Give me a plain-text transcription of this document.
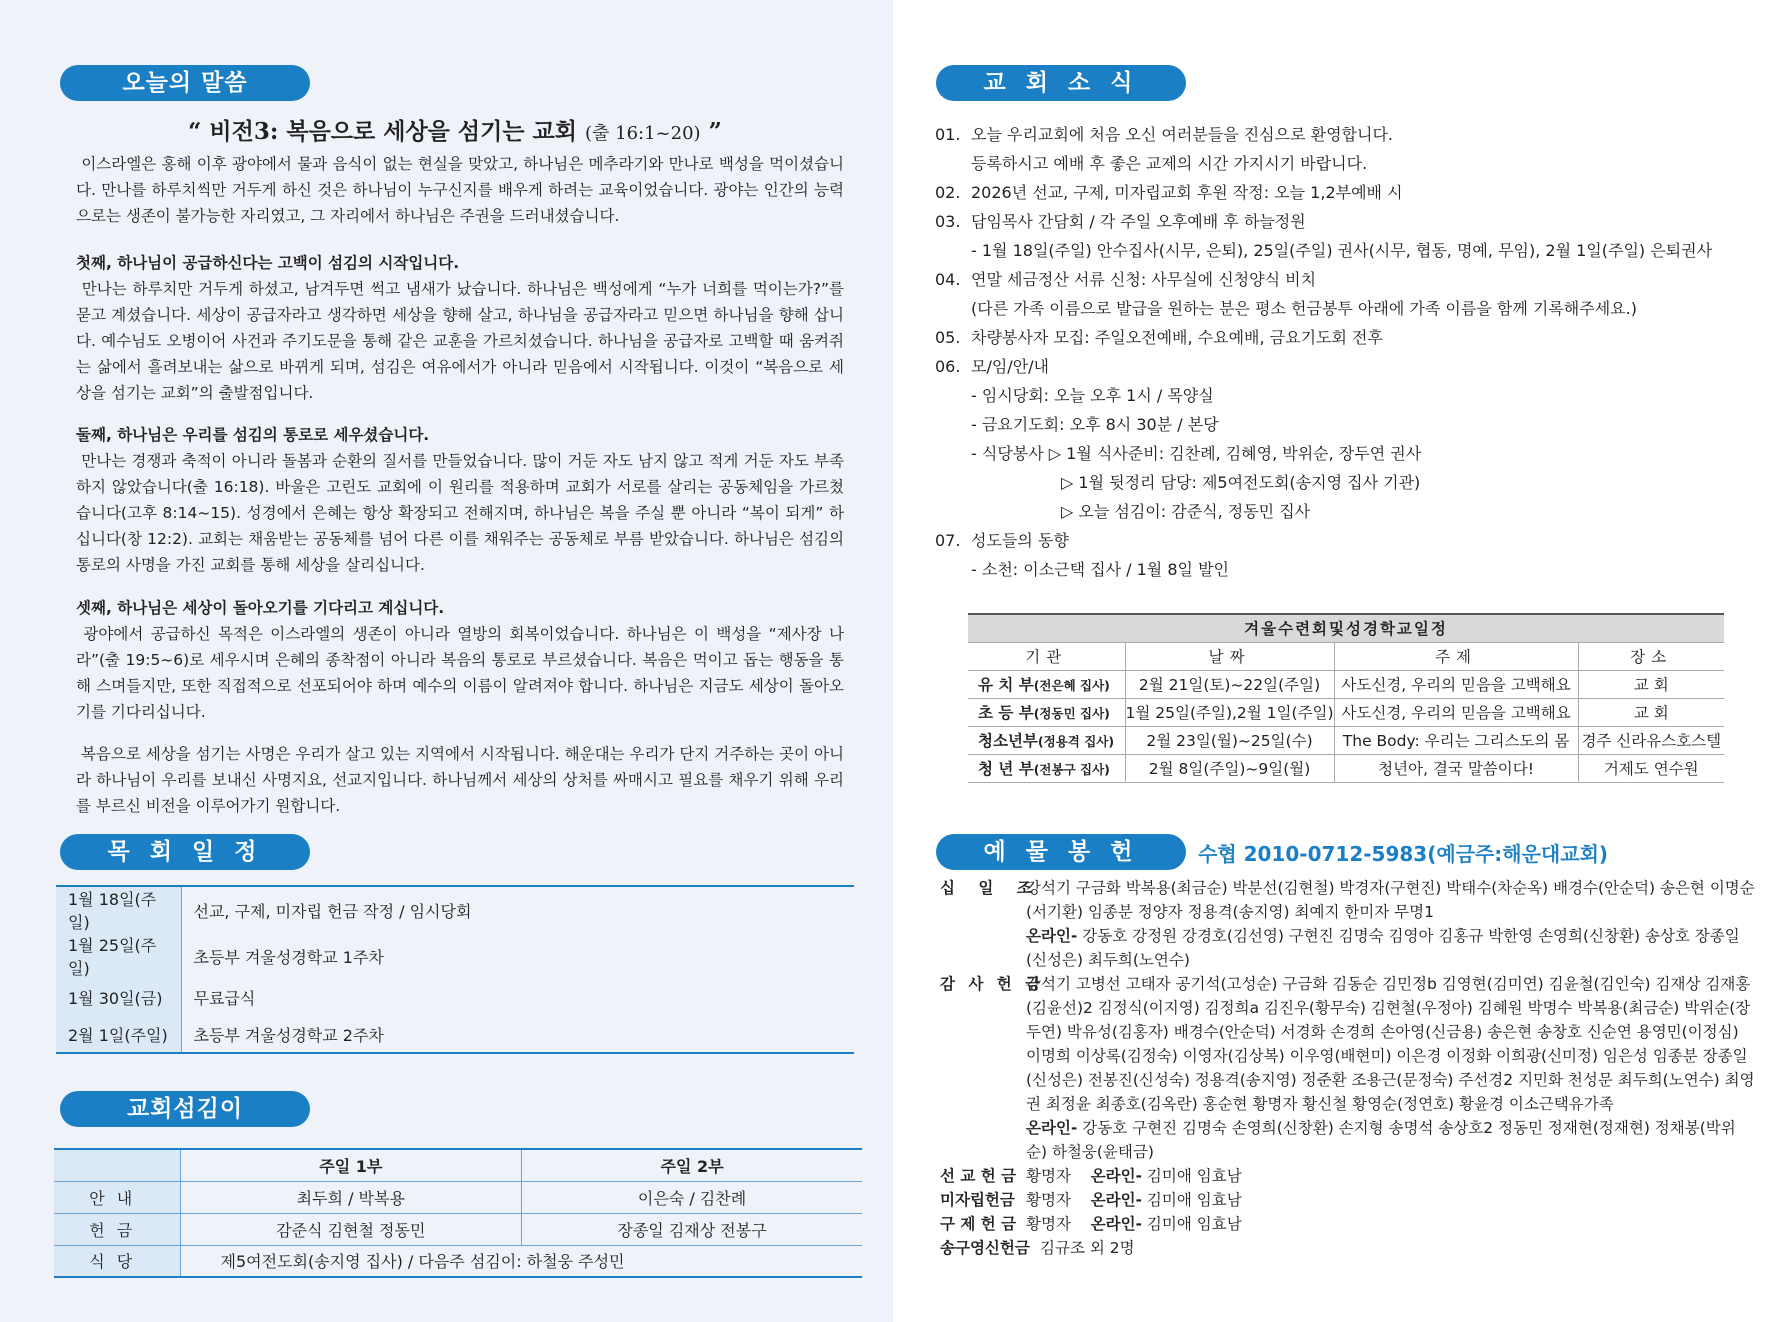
오늘의 말씀
“ 비전3: 복음으로 세상을 섬기는 교회 (출 16:1~20) ”

이스라엘은 홍해 이후 광야에서 물과 음식이 없는 현실을 맞았고, 하나님은 메추라기와 만나로 백성을 먹이셨습니다. 만나를 하루치씩만 거두게 하신 것은 하나님이 누구신지를 배우게 하려는 교육이었습니다. 광야는 인간의 능력으로는 생존이 불가능한 자리였고, 그 자리에서 하나님은 주권을 드러내셨습니다.

첫째, 하나님이 공급하신다는 고백이 섬김의 시작입니다.

만나는 하루치만 거두게 하셨고, 남겨두면 썩고 냄새가 났습니다. 하나님은 백성에게 “누가 너희를 먹이는가?”를 묻고 계셨습니다. 세상이 공급자라고 생각하면 세상을 향해 살고, 하나님을 공급자라고 믿으면 하나님을 향해 삽니다. 예수님도 오병이어 사건과 주기도문을 통해 같은 교훈을 가르치셨습니다. 하나님을 공급자로 고백할 때 움켜쥐는 삶에서 흘려보내는 삶으로 바뀌게 되며, 섬김은 여유에서가 아니라 믿음에서 시작됩니다. 이것이 “복음으로 세상을 섬기는 교회”의 출발점입니다.

둘째, 하나님은 우리를 섬김의 통로로 세우셨습니다.

만나는 경쟁과 축적이 아니라 돌봄과 순환의 질서를 만들었습니다. 많이 거둔 자도 남지 않고 적게 거둔 자도 부족하지 않았습니다(출 16:18). 바울은 고린도 교회에 이 원리를 적용하며 교회가 서로를 살리는 공동체임을 가르쳤습니다(고후 8:14~15). 성경에서 은혜는 항상 확장되고 전해지며, 하나님은 복을 주실 뿐 아니라 “복이 되게” 하십니다(창 12:2). 교회는 채움받는 공동체를 넘어 다른 이를 채워주는 공동체로 부름 받았습니다. 하나님은 섬김의 통로의 사명을 가진 교회를 통해 세상을 살리십니다.

셋째, 하나님은 세상이 돌아오기를 기다리고 계십니다.

광야에서 공급하신 목적은 이스라엘의 생존이 아니라 열방의 회복이었습니다. 하나님은 이 백성을 “제사장 나라”(출 19:5~6)로 세우시며 은혜의 종착점이 아니라 복음의 통로로 부르셨습니다. 복음은 먹이고 돕는 행동을 통해 스며들지만, 또한 직접적으로 선포되어야 하며 예수의 이름이 알려져야 합니다. 하나님은 지금도 세상이 돌아오기를 기다리십니다.

복음으로 세상을 섬기는 사명은 우리가 살고 있는 지역에서 시작됩니다. 해운대는 우리가 단지 거주하는 곳이 아니라 하나님이 우리를 보내신 사명지요, 선교지입니다. 하나님께서 세상의 상처를 싸매시고 필요를 채우기 위해 우리를 부르신 비전을 이루어가기 원합니다.

목 회 일 정
1월 18일(주일)	선교, 구제, 미자립 헌금 작정 / 임시당회
1월 25일(주일)	초등부 겨울성경학교 1주차
1월 30일(금)	무료급식
2월 1일(주일)	초등부 겨울성경학교 2주차
교회섬김이
	주일 1부	주일 2부
안내	최두희 / 박복용	이은숙 / 김찬례
헌금	감준식 김현철 정동민	장종일 김재상 전봉구
식당	제5여전도회(송지영 집사) / 다음주 섬김이: 하철웅 주성민	
교 회 소 식
01. 오늘 우리교회에 처음 오신 여러분들을 진심으로 환영합니다.
등록하시고 예배 후 좋은 교제의 시간 가지시기 바랍니다.
02. 2026년 선교, 구제, 미자립교회 후원 작정: 오늘 1,2부예배 시
03. 담임목사 간담회 / 각 주일 오후예배 후 하늘정원
- 1월 18일(주일) 안수집사(시무, 은퇴), 25일(주일) 권사(시무, 협동, 명예, 무임), 2월 1일(주일) 은퇴권사
04. 연말 세금정산 서류 신청: 사무실에 신청양식 비치
(다른 가족 이름으로 발급을 원하는 분은 평소 헌금봉투 아래에 가족 이름을 함께 기록해주세요.)
05. 차량봉사자 모집: 주일오전예배, 수요예배, 금요기도회 전후
06. 모/임/안/내
- 임시당회: 오늘 오후 1시 / 목양실
- 금요기도회: 오후 8시 30분 / 본당
- 식당봉사 ▷ 1월 식사준비: 김찬례, 김혜영, 박위순, 장두연 권사
▷ 1월 뒷정리 담당: 제5여전도회(송지영 집사 기관)
▷ 오늘 섬김이: 감준식, 정동민 집사
07. 성도들의 동향
- 소천: 이소근택 집사 / 1월 8일 발인
겨울수련회및성경학교일정			
기관	날짜	주제	장소
유 치 부(전은혜 집사)	2월 21일(토)~22일(주일)	사도신경, 우리의 믿음을 고백해요	교 회
초 등 부(정동민 집사)	1월 25일(주일),2월 1일(주일)	사도신경, 우리의 믿음을 고백해요	교 회
청소년부(정용격 집사)	2월 23일(월)~25일(수)	The Body: 우리는 그리스도의 몸	경주 신라유스호스텔
청 년 부(전봉구 집사)	2월 8일(주일)~9일(월)	청년아, 결국 말씀이다!	거제도 연수원
예 물 봉 헌	수협 2010-0712-5983(예금주:해운대교회)
십 일 조
강석기 구금화 박복용(최금순) 박분선(김현철) 박경자(구현진) 박태수(차순옥) 배경수(안순덕) 송은현 이명순(서기환) 임종분 정양자 정용격(송지영) 최예지 한미자 무명1
온라인- 강동호 강정원 강경호(김선영) 구현진 김명숙 김영아 김홍규 박한영 손영희(신창환) 송상호 장종일(신성은) 최두희(노연수)
감 사 헌 금
강석기 고병선 고태자 공기석(고성순) 구금화 김동순 김민정b 김영현(김미연) 김윤철(김인숙) 김재상 김재홍(김윤선)2 김정식(이지영) 김정희a 김진우(황무숙) 김현철(우정아) 김혜원 박명수 박복용(최금순) 박위순(장두연) 박유성(김홍자) 배경수(안순덕) 서경화 손경희 손아영(신금용) 송은현 송창호 신순연 용영민(이정심) 이명희 이상록(김정숙) 이영자(김상복) 이우영(배현미) 이은경 이정화 이희광(신미정) 임은성 임종분 장종일(신성은) 전봉진(신성숙) 정용격(송지영) 정준환 조용근(문정숙) 주선경2 지민화 천성문 최두희(노연수) 최영권 최정윤 최종호(김옥란) 홍순현 황명자 황신철 황영순(정연호) 황윤경 이소근택유가족
온라인- 강동호 구현진 김명숙 손영희(신창환) 손지형 송명석 송상호2 정동민 정재현(정재현) 정채봉(박위순) 하철웅(윤태금)
선 교 헌 금 황명자 온라인- 김미애 임효남
미자립헌금 황명자 온라인- 김미애 임효남
구 제 헌 금 황명자 온라인- 김미애 임효남
송구영신헌금 김규조 외 2명
